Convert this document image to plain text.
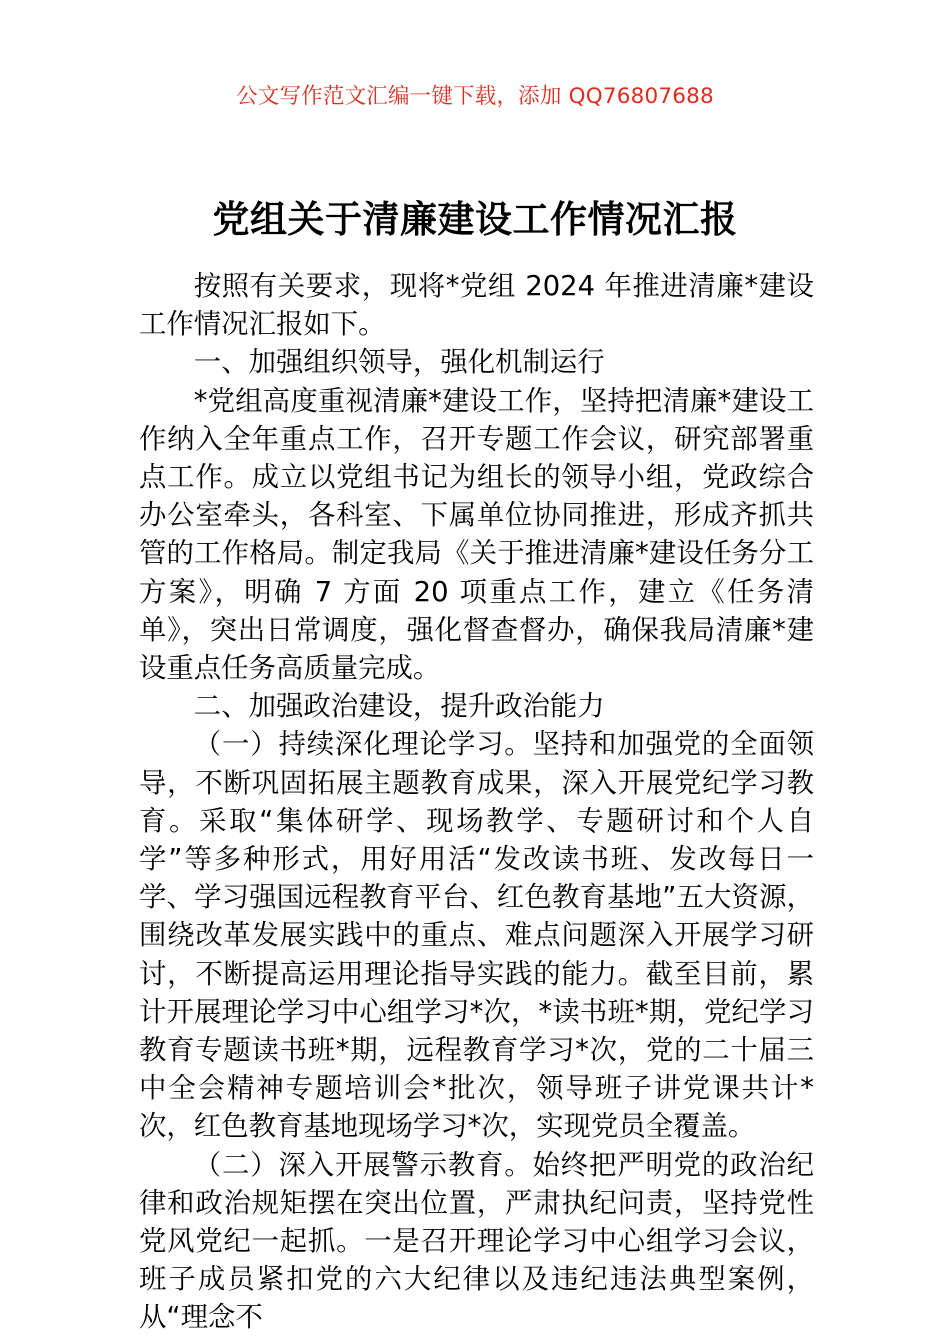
公文写作范文汇编一键下载，添加 QQ76807688
党组关于清廉建设工作情况汇报

按照有关要求，现将*党组 2024 年推进清廉*建设工作情况汇报如下。

一、加强组织领导，强化机制运行

*党组高度重视清廉*建设工作，坚持把清廉*建设工作纳入全年重点工作，召开专题工作会议，研究部署重点工作。成立以党组书记为组长的领导小组，党政综合办公室牵头，各科室、下属单位协同推进，形成齐抓共管的工作格局。制定我局《关于推进清廉*建设任务分工方案》，明确 7 方面 20 项重点工作，建立《任务清单》，突出日常调度，强化督查督办，确保我局清廉*建设重点任务高质量完成。

二、加强政治建设，提升政治能力

（一）持续深化理论学习。坚持和加强党的全面领导，不断巩固拓展主题教育成果，深入开展党纪学习教育。采取“集体研学、现场教学、专题研讨和个人自学”等多种形式，用好用活“发改读书班、发改每日一学、学习强国远程教育平台、红色教育基地”五大资源，围绕改革发展实践中的重点、难点问题深入开展学习研讨，不断提高运用理论指导实践的能力。截至目前，累计开展理论学习中心组学习*次，*读书班*期，党纪学习教育专题读书班*期，远程教育学习*次，党的二十届三中全会精神专题培训会*批次，领导班子讲党课共计*次，红色教育基地现场学习*次，实现党员全覆盖。

（二）深入开展警示教育。始终把严明党的政治纪律和政治规矩摆在突出位置，严肃执纪问责，坚持党性党风党纪一起抓。一是召开理论学习中心组学习会议，班子成员紧扣党的六大纪律以及违纪违法典型案例，从“理念不
